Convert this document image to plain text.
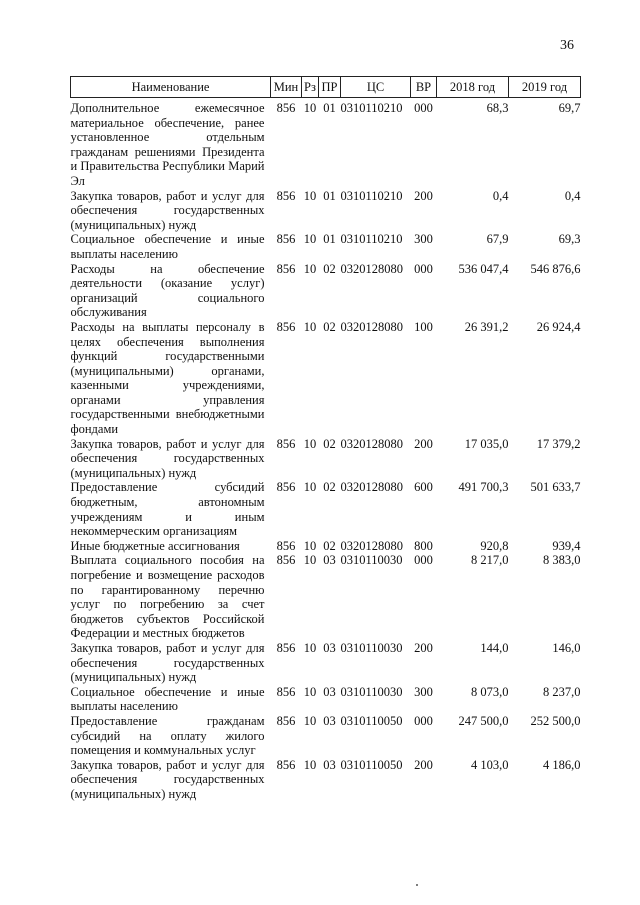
36
Наименование	Мин	Рз	ПР	ЦС	ВР	2018 год	2019 год
Дополнительное ежемесячное материальное обеспечение, ранее установленное отдельным гражданам решениями Президента и Правительства Республики Марий Эл	856	10	01	0310110210	000	68,3	69,7
Закупка товаров, работ и услуг для обеспечения государственных (муниципальных) нужд	856	10	01	0310110210	200	0,4	0,4
Социальное обеспечение и иные выплаты населению	856	10	01	0310110210	300	67,9	69,3
Расходы на обеспечение деятельности (оказание услуг) организаций социального обслуживания	856	10	02	0320128080	000	536 047,4	546 876,6
Расходы на выплаты персоналу в целях обеспечения выполнения функций государственными (муниципальными) органами, казенными учреждениями, органами управления государственными внебюджетными фондами	856	10	02	0320128080	100	26 391,2	26 924,4
Закупка товаров, работ и услуг для обеспечения государственных (муниципальных) нужд	856	10	02	0320128080	200	17 035,0	17 379,2
Предоставление субсидий бюджетным, автономным учреждениям и иным некоммерческим организациям	856	10	02	0320128080	600	491 700,3	501 633,7
Иные бюджетные ассигнования	856	10	02	0320128080	800	920,8	939,4
Выплата социального пособия на погребение и возмещение расходов по гарантированному перечню услуг по погребению за счет бюджетов субъектов Российской Федерации и местных бюджетов	856	10	03	0310110030	000	8 217,0	8 383,0
Закупка товаров, работ и услуг для обеспечения государственных (муниципальных) нужд	856	10	03	0310110030	200	144,0	146,0
Социальное обеспечение и иные выплаты населению	856	10	03	0310110030	300	8 073,0	8 237,0
Предоставление гражданам субсидий на оплату жилого помещения и коммунальных услуг	856	10	03	0310110050	000	247 500,0	252 500,0
Закупка товаров, работ и услуг для обеспечения государственных (муниципальных) нужд	856	10	03	0310110050	200	4 103,0	4 186,0
